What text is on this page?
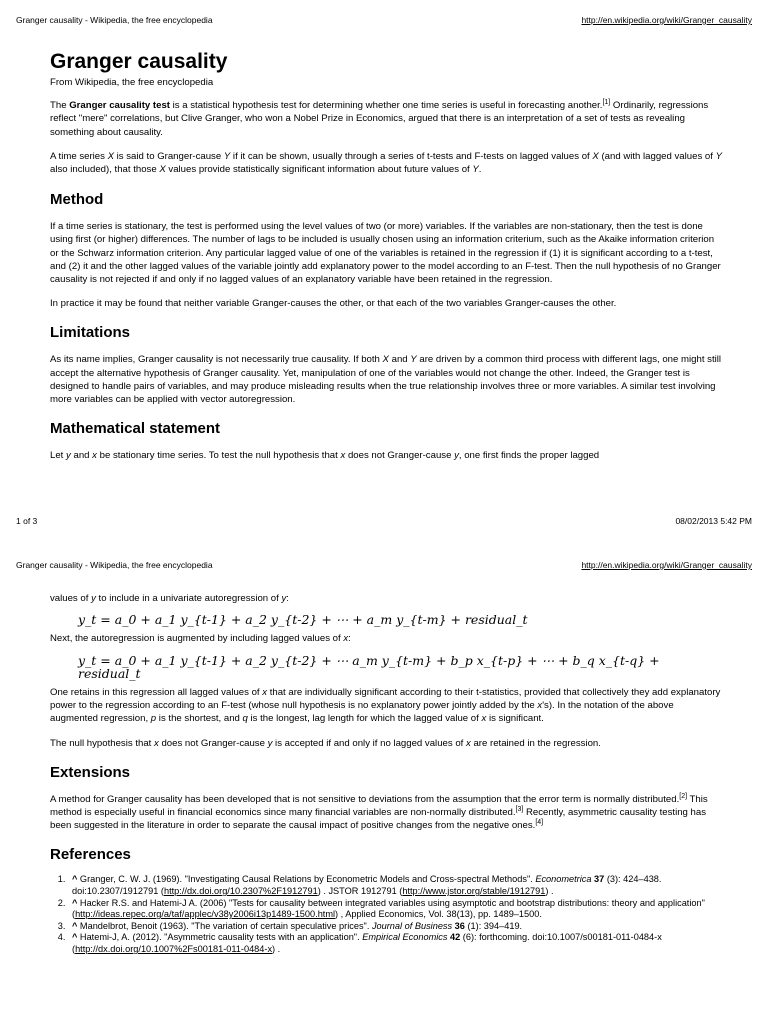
Granger causality - Wikipedia, the free encyclopedia	http://en.wikipedia.org/wiki/Granger_causality
Granger causality
From Wikipedia, the free encyclopedia

The Granger causality test is a statistical hypothesis test for determining whether one time series is useful in forecasting another.[1] Ordinarily, regressions reflect "mere" correlations, but Clive Granger, who won a Nobel Prize in Economics, argued that there is an interpretation of a set of tests as revealing something about causality.

A time series X is said to Granger-cause Y if it can be shown, usually through a series of t-tests and F-tests on lagged values of X (and with lagged values of Y also included), that those X values provide statistically significant information about future values of Y.

Method

If a time series is stationary, the test is performed using the level values of two (or more) variables. If the variables are non-stationary, then the test is done using first (or higher) differences. The number of lags to be included is usually chosen using an information criterium, such as the Akaike information criterion or the Schwarz information criterion. Any particular lagged value of one of the variables is retained in the regression if (1) it is significant according to a t-test, and (2) it and the other lagged values of the variable jointly add explanatory power to the model according to an F-test. Then the null hypothesis of no Granger causality is not rejected if and only if no lagged values of an explanatory variable have been retained in the regression.

In practice it may be found that neither variable Granger-causes the other, or that each of the two variables Granger-causes the other.

Limitations

As its name implies, Granger causality is not necessarily true causality. If both X and Y are driven by a common third process with different lags, one might still accept the alternative hypothesis of Granger causality. Yet, manipulation of one of the variables would not change the other. Indeed, the Granger test is designed to handle pairs of variables, and may produce misleading results when the true relationship involves three or more variables. A similar test involving more variables can be applied with vector autoregression.

Mathematical statement

Let y and x be stationary time series. To test the null hypothesis that x does not Granger-cause y, one first finds the proper lagged

1 of 3	08/02/2013 5:42 PM
Granger causality - Wikipedia, the free encyclopedia	http://en.wikipedia.org/wiki/Granger_causality

values of y to include in a univariate autoregression of y:

y_t = a_0 + a_1 y_{t-1} + a_2 y_{t-2} + ⋯ + a_m y_{t-m} + residual_t

Next, the autoregression is augmented by including lagged values of x:

y_t = a_0 + a_1 y_{t-1} + a_2 y_{t-2} + ⋯ a_m y_{t-m} + b_p x_{t-p} + ⋯ + b_q x_{t-q} + residual_t

One retains in this regression all lagged values of x that are individually significant according to their t-statistics, provided that collectively they add explanatory power to the regression according to an F-test (whose null hypothesis is no explanatory power jointly added by the x's). In the notation of the above augmented regression, p is the shortest, and q is the longest, lag length for which the lagged value of x is significant.

The null hypothesis that x does not Granger-cause y is accepted if and only if no lagged values of x are retained in the regression.

Extensions

A method for Granger causality has been developed that is not sensitive to deviations from the assumption that the error term is normally distributed.[2] This method is especially useful in financial economics since many financial variables are non-normally distributed.[3] Recently, asymmetric causality testing has been suggested in the literature in order to separate the causal impact of positive changes from the negative ones.[4]

References
1. ^ Granger, C. W. J. (1969). "Investigating Causal Relations by Econometric Models and Cross-spectral Methods". Econometrica 37 (3): 424–438. doi:10.2307/1912791 (http://dx.doi.org/10.2307%2F1912791) . JSTOR 1912791 (http://www.jstor.org/stable/1912791) .
2. ^ Hacker R.S. and Hatemi-J A. (2006) "Tests for causality between integrated variables using asymptotic and bootstrap distributions: theory and application" (http://ideas.repec.org/a/taf/applec/v38y2006i13p1489-1500.html) , Applied Economics, Vol. 38(13), pp. 1489–1500.
3. ^ Mandelbrot, Benoit (1963). "The variation of certain speculative prices". Journal of Business 36 (1): 394–419.
4. ^ Hatemi-J, A. (2012). "Asymmetric causality tests with an application". Empirical Economics 42 (6): forthcoming. doi:10.1007/s00181-011-0484-x (http://dx.doi.org/10.1007%2Fs00181-011-0484-x) .
